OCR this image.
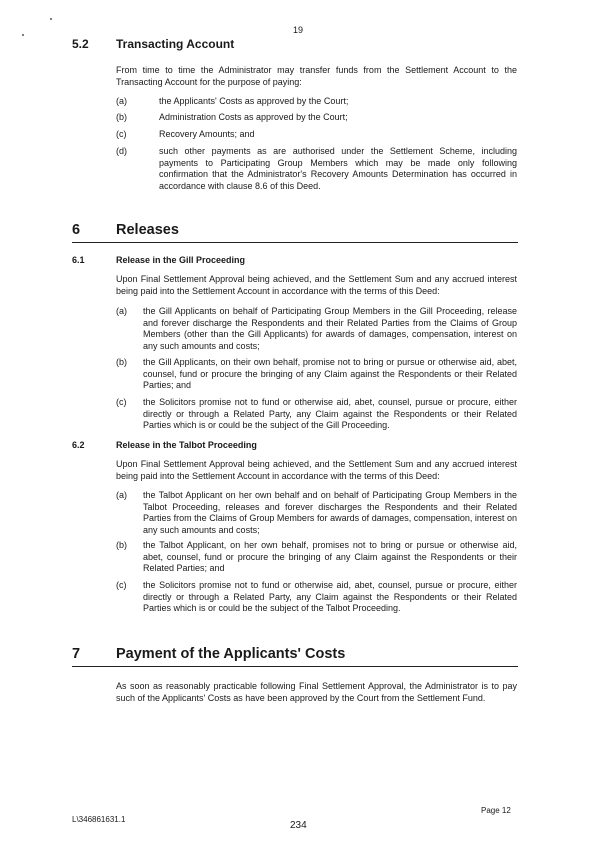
19
5.2 Transacting Account
From time to time the Administrator may transfer funds from the Settlement Account to the Transacting Account for the purpose of paying:
(a)	the Applicants' Costs as approved by the Court;
(b)	Administration Costs as approved by the Court;
(c)	Recovery Amounts; and
(d)	such other payments as are authorised under the Settlement Scheme, including payments to Participating Group Members which may be made only following confirmation that the Administrator's Recovery Amounts Determination has occurred in accordance with clause 8.6 of this Deed.
6 Releases
6.1	Release in the Gill Proceeding
Upon Final Settlement Approval being achieved, and the Settlement Sum and any accrued interest being paid into the Settlement Account in accordance with the terms of this Deed:
(a) the Gill Applicants on behalf of Participating Group Members in the Gill Proceeding, release and forever discharge the Respondents and their Related Parties from the Claims of Group Members (other than the Gill Applicants) for awards of damages, compensation, interest on any such amounts and costs;
(b) the Gill Applicants, on their own behalf, promise not to bring or pursue or otherwise aid, abet, counsel, fund or procure the bringing of any Claim against the Respondents or their Related Parties; and
(c) the Solicitors promise not to fund or otherwise aid, abet, counsel, pursue or procure, either directly or through a Related Party, any Claim against the Respondents or their Related Parties which is or could be the subject of the Gill Proceeding.
6.2	Release in the Talbot Proceeding
Upon Final Settlement Approval being achieved, and the Settlement Sum and any accrued interest being paid into the Settlement Account in accordance with the terms of this Deed:
(a) the Talbot Applicant on her own behalf and on behalf of Participating Group Members in the Talbot Proceeding, releases and forever discharges the Respondents and their Related Parties from the Claims of Group Members for awards of damages, compensation, interest on any such amounts and costs;
(b) the Talbot Applicant, on her own behalf, promises not to bring or pursue or otherwise aid, abet, counsel, fund or procure the bringing of any Claim against the Respondents or their Related Parties; and
(c) the Solicitors promise not to fund or otherwise aid, abet, counsel, pursue or procure, either directly or through a Related Party, any Claim against the Respondents or their Related Parties which is or could be the subject of the Talbot Proceeding.
7 Payment of the Applicants' Costs
As soon as reasonably practicable following Final Settlement Approval, the Administrator is to pay such of the Applicants' Costs as have been approved by the Court from the Settlement Fund.
Page 12
L\346861631.1
234
